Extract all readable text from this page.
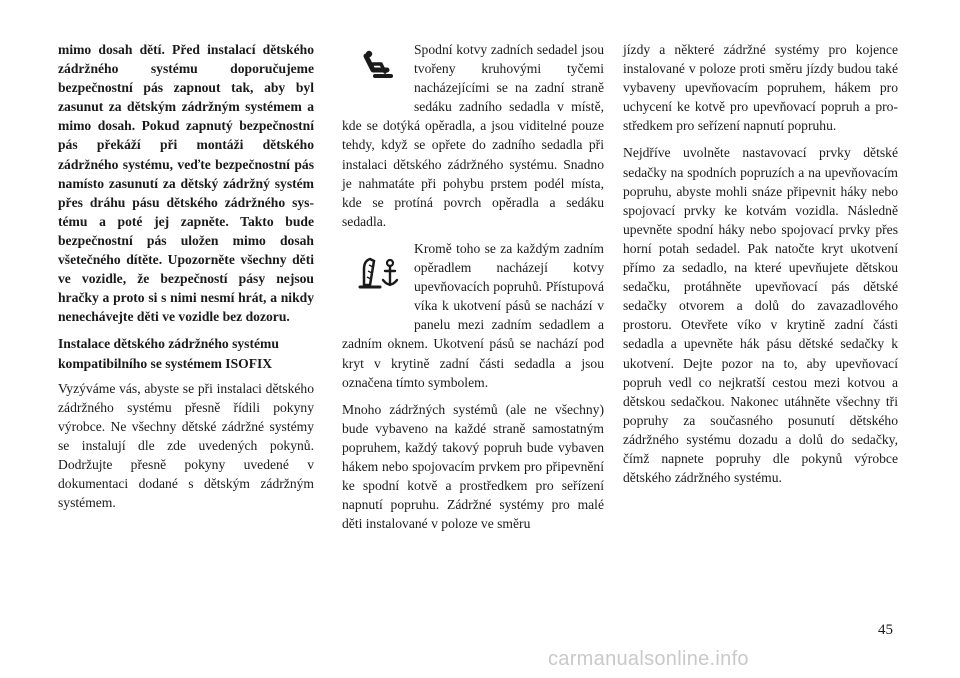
mimo dosah dětí. Před instalací dětského zádržného systému doporučujeme bezpečnostní pás zapnout tak, aby byl zasunut za dětským zádržným systémem a mimo dosah. Pokud zapnutý bezpečnostní pás překáží při montáži dětského zádržného systému, veďte bezpečnostní pás namísto zasunutí za dětský zádržný systém přes dráhu pásu dětského zádržného systému a poté jej zapněte. Takto bude bezpečnostní pás uložen mimo dosah všetečného dítěte. Upozorněte všechny děti ve vozidle, že bezpečností pásy nejsou hračky a proto si s nimi nesmí hrát, a nikdy nenechávejte děti ve vozidle bez dozoru.

Instalace dětského zádržného systému kompatibilního se systémem ISOFIX

Vyzýváme vás, abyste se při instalaci dětského zádržného systému přesně řídili pokyny výrobce. Ne všechny dětské zádržné systémy se instalují dle zde uvedených pokynů. Dodržujte přesně pokyny uvedené v dokumentaci dodané s dětským zádržným systémem.

Spodní kotvy zadních sedadel jsou tvořeny kruhovými tyčemi nacházejícími se na zadní straně sedáku zadního sedadla v místě, kde se dotýká opěradla, a jsou viditelné pouze tehdy, když se opřete do zadního sedadla při instalaci dětského zádržného systému. Snadno je nahmatáte při pohybu prstem podél místa, kde se protíná povrch opěradla a sedáku sedadla.

Kromě toho se za každým zadním opěradlem nacházejí kotvy upevňovacích popruhů. Přístupová víka k ukotvení pásů se nachází v panelu mezi zadním sedadlem a zadním oknem. Ukotvení pásů se nachází pod kryt v krytině zadní části sedadla a jsou označena tímto symbolem.

Mnoho zádržných systémů (ale ne všechny) bude vybaveno na každé straně samostatným popruhem, každý takový popruh bude vybaven hákem nebo spojovacím prvkem pro připevnění ke spodní kotvě a prostředkem pro seřízení napnutí popruhu. Zádržné systémy pro malé děti instalované v poloze ve směru

jízdy a některé zádržné systémy pro kojence instalované v poloze proti směru jízdy budou také vybaveny upevňovacím popruhem, hákem pro uchycení ke kotvě pro upevňovací popruh a prostředkem pro seřízení napnutí popruhu.

Nejdříve uvolněte nastavovací prvky dětské sedačky na spodních popruzích a na upevňovacím popruhu, abyste mohli snáze připevnit háky nebo spojovací prvky ke kotvám vozidla. Následně upevněte spodní háky nebo spojovací prvky přes horní potah sedadel. Pak natočte kryt ukotvení přímo za sedadlo, na které upevňujete dětskou sedačku, protáhněte upevňovací pás dětské sedačky otvorem a dolů do zavazadlového prostoru. Otevřete víko v krytině zadní části sedadla a upevněte hák pásu dětské sedačky k ukotvení. Dejte pozor na to, aby upevňovací popruh vedl co nejkratší cestou mezi kotvou a dětskou sedačkou. Nakonec utáhněte všechny tři popruhy za současného posunutí dětského zádržného systému dozadu a dolů do sedačky, čímž napnete popruhy dle pokynů výrobce dětského zádržného systému.

45
carmanualsonline.info
